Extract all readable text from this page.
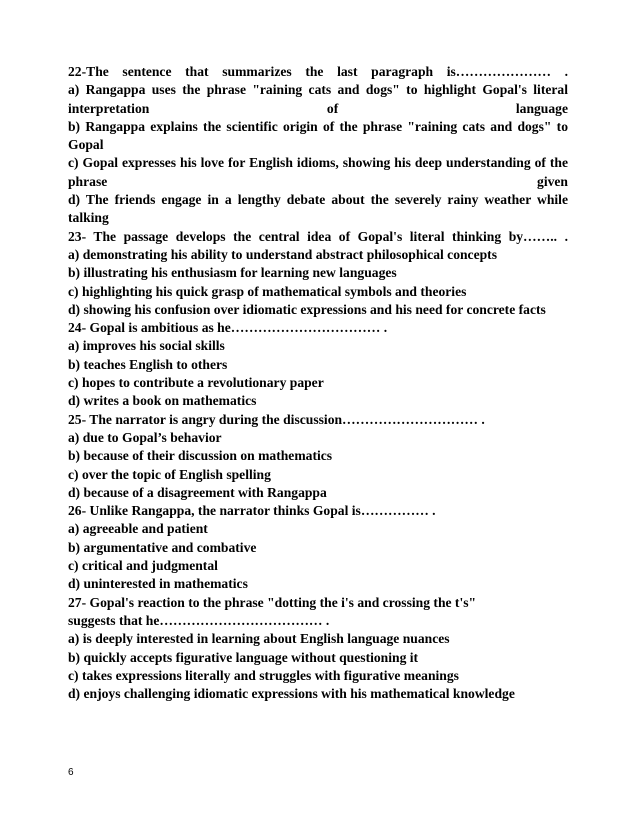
22-The sentence that summarizes the last paragraph is………………… .

a) Rangappa uses the phrase "raining cats and dogs" to highlight Gopal's literal interpretation of language

b) Rangappa explains the scientific origin of the phrase "raining cats and dogs" to Gopal

c) Gopal expresses his love for English idioms, showing his deep understanding of the phrase given

d) The friends engage in a lengthy debate about the severely rainy weather while talking

23- The passage develops the central idea of Gopal's literal thinking by…….. .

a) demonstrating his ability to understand abstract philosophical concepts

b) illustrating his enthusiasm for learning new languages

c) highlighting his quick grasp of mathematical symbols and theories

d) showing his confusion over idiomatic expressions and his need for concrete facts

24- Gopal is ambitious as he…………………………… .

a) improves his social skills

b) teaches English to others

c) hopes to contribute a revolutionary paper

d) writes a book on mathematics

25- The narrator is angry during the discussion………………………… .

a) due to Gopal’s behavior

b) because of their discussion on mathematics

c) over the topic of English spelling

d) because of a disagreement with Rangappa

26- Unlike Rangappa, the narrator thinks Gopal is…………… .

a) agreeable and patient

b) argumentative and combative

c) critical and judgmental

d) uninterested in mathematics

27- Gopal's reaction to the phrase "dotting the i's and crossing the t's"

suggests that he……………………………… .

a) is deeply interested in learning about English language nuances

b) quickly accepts figurative language without questioning it

c) takes expressions literally and struggles with figurative meanings

d) enjoys challenging idiomatic expressions with his mathematical knowledge

6
